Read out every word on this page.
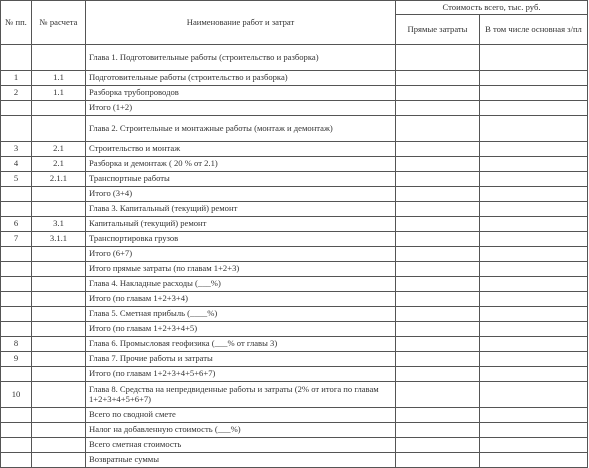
№ пп.	№ расчета	Наименование работ и затрат	Стоимость всего, тыс. руб.	
			Прямые затраты	В том числе основная з/пл
		Глава 1. Подготовительные работы (строительство и разборка)		
1	1.1	Подготовительные работы (строительство и разборка)		
2	1.1	Разборка трубопроводов		
		Итого (1+2)		
		Глава 2. Строительные и монтажные работы (монтаж и демонтаж)		
3	2.1	Строительство и монтаж		
4	2.1	Разборка и демонтаж ( 20 % от 2.1)		
5	2.1.1	Транспортные работы		
		Итого (3+4)		
		Глава 3. Капитальный (текущий) ремонт		
6	3.1	Капитальный (текущий) ремонт		
7	3.1.1	Транспортировка грузов		
		Итого (6+7)		
		Итого прямые затраты (по главам 1+2+3)		
		Глава 4. Накладные расходы (___%)		
		Итого (по главам 1+2+3+4)		
		Глава 5. Сметная прибыль (____%)		
		Итого (по главам 1+2+3+4+5)		
8		Глава 6. Промысловая геофизика (___% от главы 3)		
9		Глава 7. Прочие работы и затраты		
		Итого (по главам 1+2+3+4+5+6+7)		
10		Глава 8. Средства на непредвиденные работы и затраты (2% от итога по главам 1+2+3+4+5+6+7)		
		Всего по сводной смете		
		Налог на добавленную стоимость (___%)		
		Всего сметная стоимость		
		Возвратные суммы		
